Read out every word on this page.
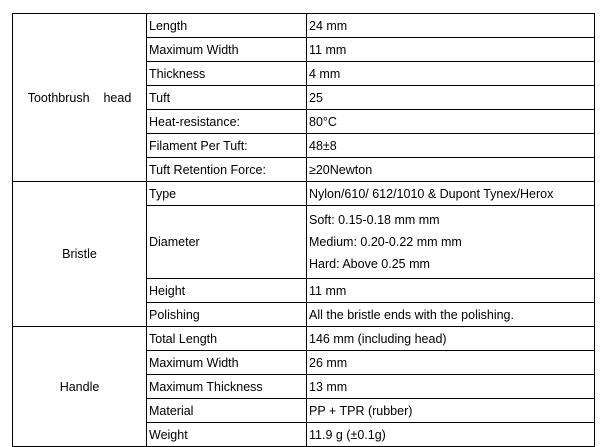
Toothbrush    head	Length	24 mm
	Maximum Width	11 mm
	Thickness	4 mm
	Tuft	25
	Heat-resistance:	80°C
	Filament Per Tuft:	48±8
	Tuft Retention Force:	≥20Newton
Bristle	Type	Nylon/610/ 612/1010 & Dupont Tynex/Herox
	Diameter	Soft: 0.15-0.18 mm mm
Medium: 0.20-0.22 mm mm
Hard: Above 0.25 mm

	Height	11 mm
	Polishing	All the bristle ends with the polishing.
Handle	Total Length	146 mm (including head)
	Maximum Width	26 mm
	Maximum Thickness	13 mm
	Material	PP + TPR (rubber)
	Weight	11.9 g (±0.1g)
